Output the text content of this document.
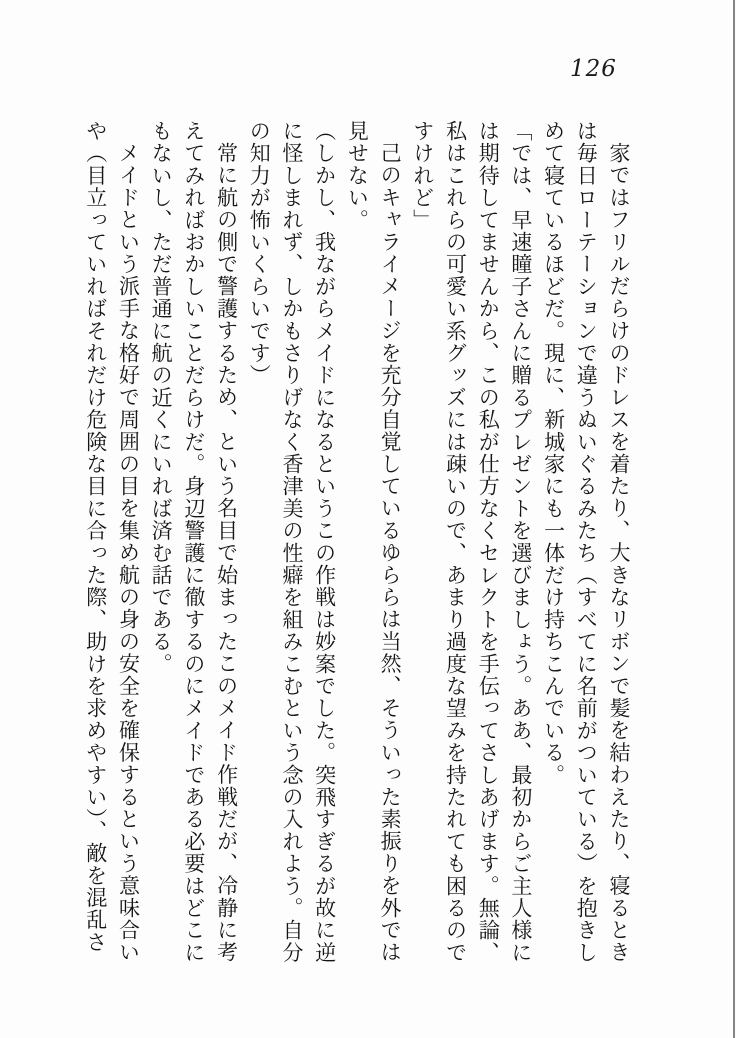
126

家ではフリルだらけのドレスを着たり、大きなリボンで髪を結わえたり、寝るとき

は毎日ローテーションで違うぬいぐるみたち（すべてに名前がついている）を抱きし

めて寝ているほどだ。現に、新城家にも一体だけ持ちこんでいる。

「では、早速瞳子さんに贈るプレゼントを選びましょう。ああ、最初からご主人様に

は期待してませんから、この私が仕方なくセレクトを手伝ってさしあげます。無論、

私はこれらの可愛い系グッズには疎いので、あまり過度な望みを持たれても困るので

すけれど」

己のキャライメージを充分自覚しているゆららは当然、そういった素振りを外では

見せない。

（しかし、我ながらメイドになるというこの作戦は妙案でした。突飛すぎるが故に逆

に怪しまれず、しかもさりげなく香津美の性癖を組みこむという念の入れよう。自分

の知力が怖いくらいです）

常に航の側で警護するため、という名目で始まったこのメイド作戦だが、冷静に考

えてみればおかしいことだらけだ。身辺警護に徹するのにメイドである必要はどこに

もないし、ただ普通に航の近くにいれば済む話である。

メイドという派手な格好で周囲の目を集め航の身の安全を確保するという意味合い

や（目立っていればそれだけ危険な目に合った際、助けを求めやすい）、敵を混乱さ
